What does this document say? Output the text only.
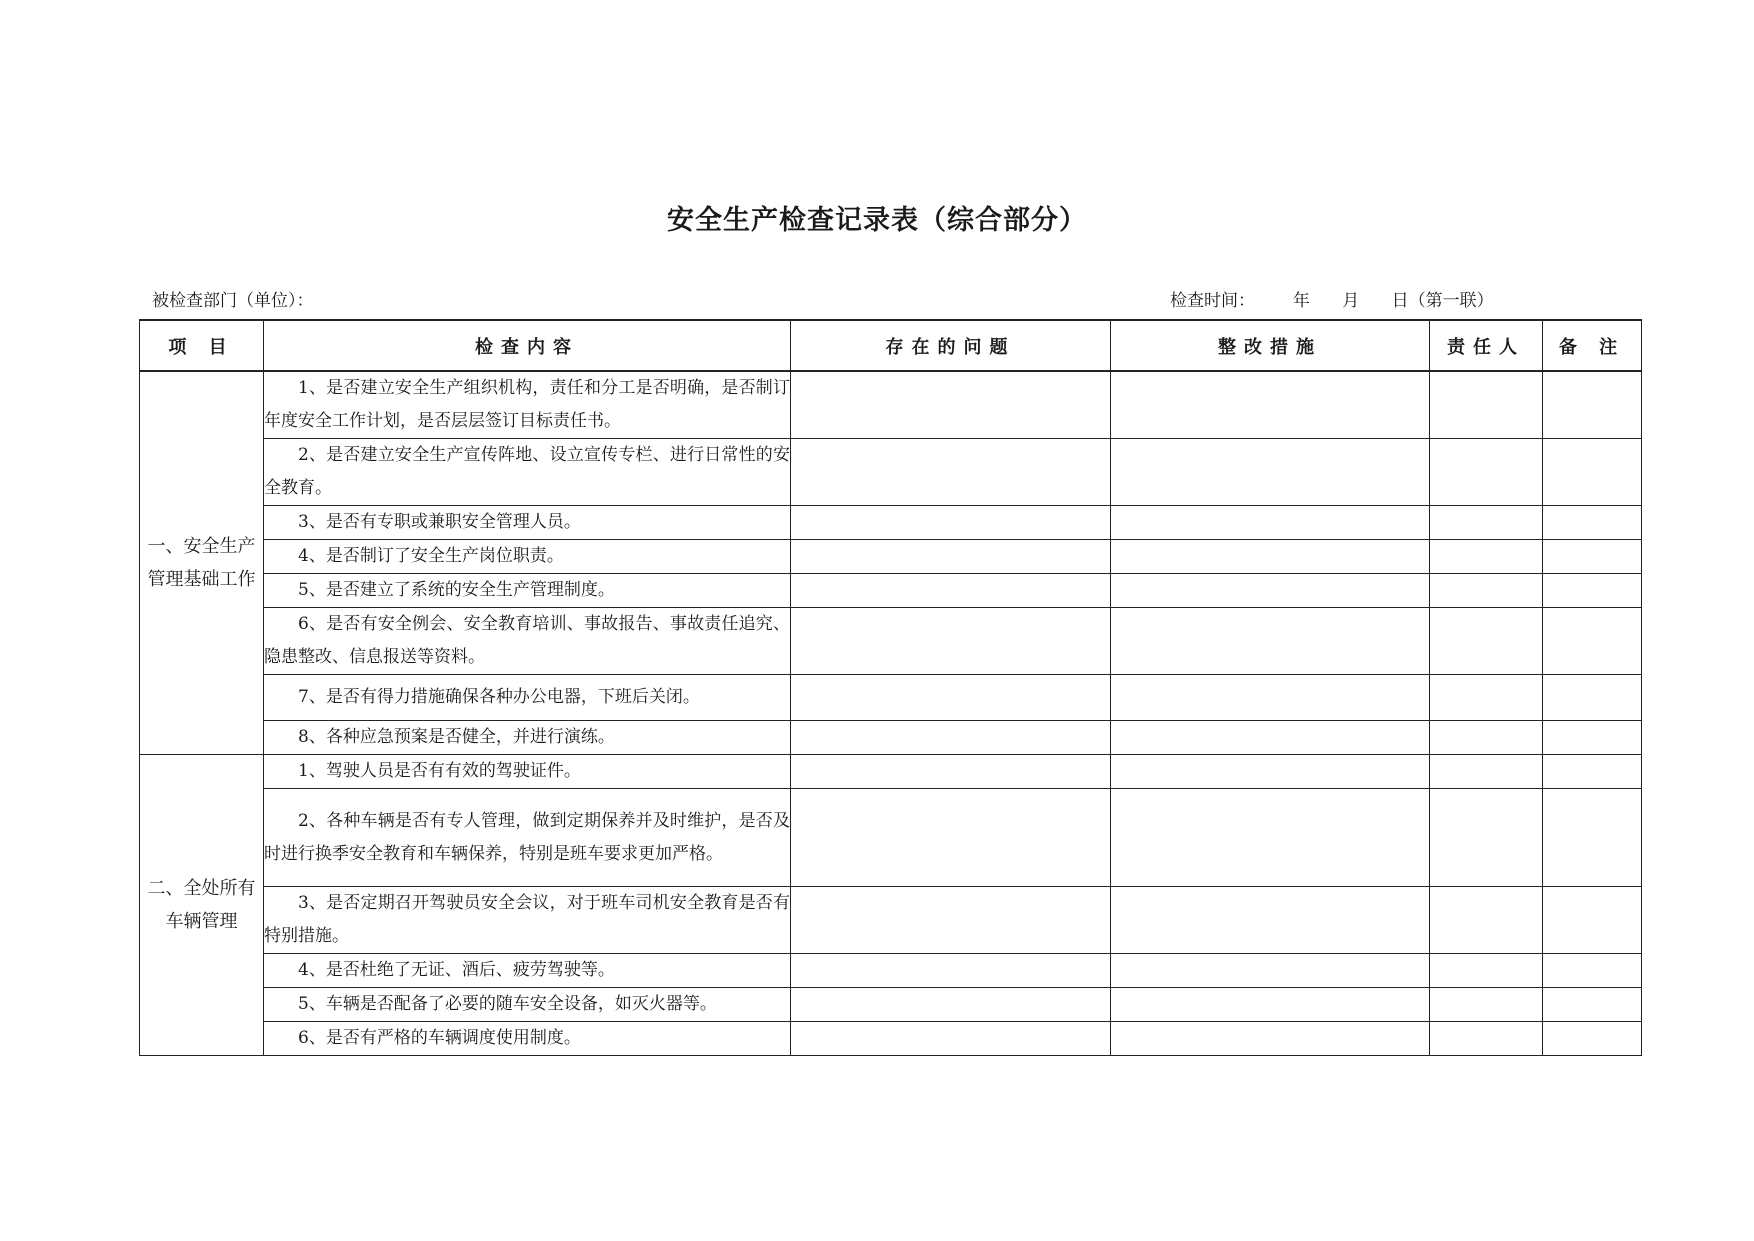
安全生产检查记录表（综合部分）
被检查部门（单位）：	检查时间：       年      月      日（第一联）
项 目	检查内容	存在的问题	整改措施	责任人	备 注
一、安全生产管理基础工作	1、是否建立安全生产组织机构，责任和分工是否明确，是否制订年度安全工作计划，是否层层签订目标责任书。				
	2、是否建立安全生产宣传阵地、设立宣传专栏、进行日常性的安全教育。				
	3、是否有专职或兼职安全管理人员。				
	4、是否制订了安全生产岗位职责。				
	5、是否建立了系统的安全生产管理制度。				
	6、是否有安全例会、安全教育培训、事故报告、事故责任追究、隐患整改、信息报送等资料。				
	7、是否有得力措施确保各种办公电器，下班后关闭。				
	8、各种应急预案是否健全，并进行演练。				
二、全处所有车辆管理	1、驾驶人员是否有有效的驾驶证件。				
	2、各种车辆是否有专人管理，做到定期保养并及时维护，是否及时进行换季安全教育和车辆保养，特别是班车要求更加严格。				
	3、是否定期召开驾驶员安全会议，对于班车司机安全教育是否有特别措施。				
	4、是否杜绝了无证、酒后、疲劳驾驶等。				
	5、车辆是否配备了必要的随车安全设备，如灭火器等。				
	6、是否有严格的车辆调度使用制度。				
